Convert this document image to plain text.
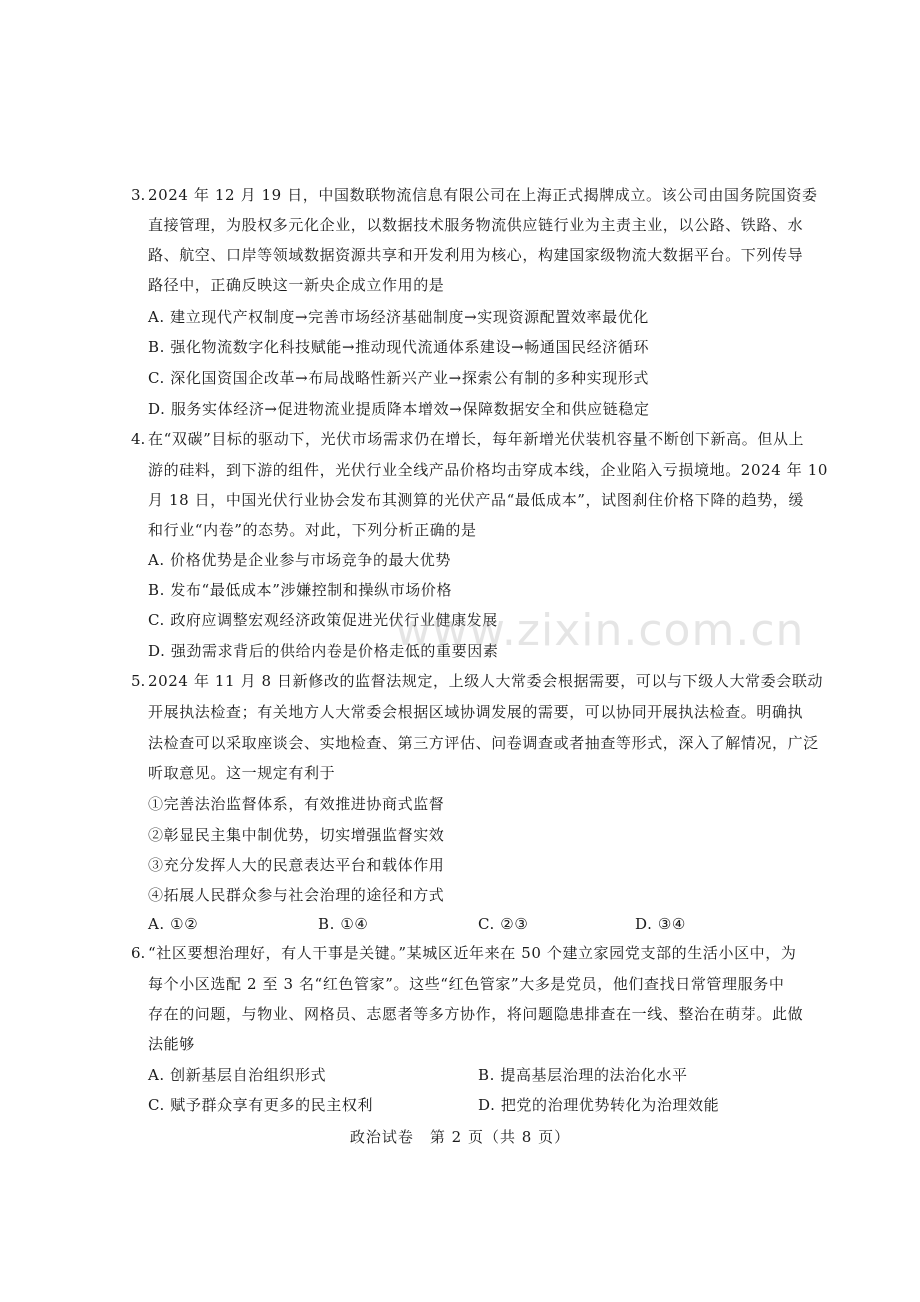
3. 2024 年 12 月 19 日，中国数联物流信息有限公司在上海正式揭牌成立。该公司由国务院国资委
直接管理，为股权多元化企业，以数据技术服务物流供应链行业为主责主业，以公路、铁路、水
路、航空、口岸等领域数据资源共享和开发利用为核心，构建国家级物流大数据平台。下列传导
路径中，正确反映这一新央企成立作用的是
A. 建立现代产权制度→完善市场经济基础制度→实现资源配置效率最优化
B. 强化物流数字化科技赋能→推动现代流通体系建设→畅通国民经济循环
C. 深化国资国企改革→布局战略性新兴产业→探索公有制的多种实现形式
D. 服务实体经济→促进物流业提质降本增效→保障数据安全和供应链稳定
4. 在“双碳”目标的驱动下，光伏市场需求仍在增长，每年新增光伏装机容量不断创下新高。但从上
游的硅料，到下游的组件，光伏行业全线产品价格均击穿成本线，企业陷入亏损境地。2024 年 10
月 18 日，中国光伏行业协会发布其测算的光伏产品“最低成本”，试图刹住价格下降的趋势，缓
和行业“内卷”的态势。对此，下列分析正确的是
A. 价格优势是企业参与市场竞争的最大优势
B. 发布“最低成本”涉嫌控制和操纵市场价格
C. 政府应调整宏观经济政策促进光伏行业健康发展
D. 强劲需求背后的供给内卷是价格走低的重要因素
www.zixin.com.cn
5. 2024 年 11 月 8 日新修改的监督法规定，上级人大常委会根据需要，可以与下级人大常委会联动
开展执法检查；有关地方人大常委会根据区域协调发展的需要，可以协同开展执法检查。明确执
法检查可以采取座谈会、实地检查、第三方评估、问卷调查或者抽查等形式，深入了解情况，广泛
听取意见。这一规定有利于
①完善法治监督体系，有效推进协商式监督
②彰显民主集中制优势，切实增强监督实效
③充分发挥人大的民意表达平台和载体作用
④拓展人民群众参与社会治理的途径和方式
A. ①②	B. ①④	C. ②③	D. ③④
6. “社区要想治理好，有人干事是关键。”某城区近年来在 50 个建立家园党支部的生活小区中，为
每个小区选配 2 至 3 名“红色管家”。这些“红色管家”大多是党员，他们查找日常管理服务中
存在的问题，与物业、网格员、志愿者等多方协作，将问题隐患排查在一线、整治在萌芽。此做
法能够
A. 创新基层自治组织形式	B. 提高基层治理的法治化水平
C. 赋予群众享有更多的民主权利	D. 把党的治理优势转化为治理效能
政治试卷　第 2 页（共 8 页）
